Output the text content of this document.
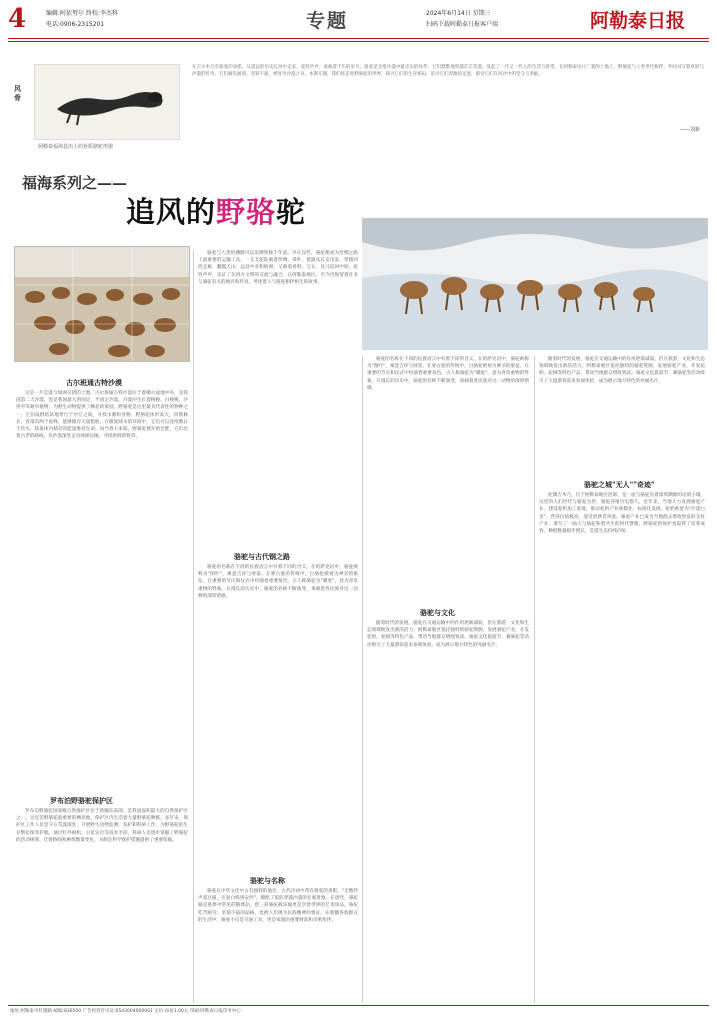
4	编辑:阿依努尔 终校:李杰科
电话:0906-2315201	专题	2024年6月14日 星期三
扫码下载阿勒泰日报客户端	阿勒泰日报
风骨
阿勒泰福海县出土的骨质骆驼形器
在吉尔木乃有骆驼的身影，从遥远的历史长河中走来，驼铃声声，承载着千年的岁月。骆驼是戈壁沙漠中最忠实的伙伴，它们默默地穿越茫茫荒漠，驮起了一代又一代人的生活与希望。在阿勒泰这片广袤的土地上，野骆驼与人类世代相伴，共同书写着草原与沙漠的传奇。它们耐饥耐渴、坚韧不拔，被誉为沙漠之舟。本期专题，我们将走进野骆驼的世界，探寻它们的生存密码，追寻它们奔跑的足迹，感受它们在风沙中的坚守与勇敢。
——刘新
福海系列之——
追风的野骆驼
古尔班通古特沙漠
这是一片荒漠与绿洲交错的土地。古尔班通古特沙漠位于准噶尔盆地中央，是我国第二大沙漠，也是我国最大的固定、半固定沙漠。沙漠中生长着梭梭、白梭梭、沙拐枣等耐旱植物，为野生动物提供了栖息的家园。野骆驼是这里最具代表性的物种之一，它们成群结队地穿行于沙丘之间，寻找水源和食物。野骆驼体形高大，四肢修长，背部有两个驼峰，能够储存大量脂肪。在极度缺水的环境中，它们可以连续数日不饮水，依靠体内储存的能量维持生命。每当春天来临，野骆驼便开始迁徙，它们沿着古老的路线，从沙漠深处走向绿洲边缘，寻找新鲜的牧草。
罗布泊野骆驼保护区
罗布泊野骆驼国家级自然保护区位于新疆东南部，是我国面积最大的自然保护区之一。这里是野骆驼最重要的栖息地，保护区内生活着大量野骆驼种群。多年来，保护区工作人员坚守在荒漠深处，开展野生动物监测、巡护和科研工作，为野骆驼的生存繁衍保驾护航。通过红外相机、卫星定位等技术手段，科研人员逐步掌握了野骆驼的活动规律、迁徙路线和种群数量变化，为制定科学保护措施提供了重要依据。
骆驼与人类的渊源可以追溯到数千年前。早在汉代，骆驼便成为丝绸之路上最重要的运输工具。一支支驼队载着丝绸、茶叶、瓷器从长安出发，穿越河西走廊，翻越天山，远赴中亚和欧洲；又载着香料、宝石、良马返回中原。驼铃声声，见证了东西方文明的交流与融合。在阿勒泰地区，至今仍保留着许多与骆驼有关的地名和传说，讲述着人与骆驼相伴相生的故事。
骆驼与古代钢之路
骆驼的名称在不同的民族语言中有着不同的含义。在哈萨克语中，骆驼被称为"图叶"，寓意吉祥与财富。在蒙古族的传统中，白骆驼被视为神圣的象征，在重要的节庆和仪式中扮演着重要角色。古人称骆驼为"橐驼"，意为背负重物的牲畜。在漫长的历史中，骆驼的名称不断演变，承载着各民族对这一动物的深厚情感。
骆驼与名称
骆驼在中华文化中占有独特的地位。古代诗词中常有骆驼的身影，"无数铃声遥过碛，应驮白练到安西"，描绘了驼队穿越沙漠的壮观景象。在唐代，骆驼俑是墓葬中常见的随葬品，唐三彩骆驼载乐俑更是享誉世界的艺术珍品。骆驼吃苦耐劳、坚韧不拔的品格，也被人们视为民族精神的象征。在新疆各族群众的生活中，骆驼不仅是交通工具，更是家庭的重要财富和亲密伙伴。
骆驼的名称在不同的民族语言中有着不同的含义。在哈萨克语中，骆驼被称为"图叶"，寓意吉祥与财富。在蒙古族的传统中，白骆驼被视为神圣的象征，在重要的节庆和仪式中扮演着重要角色。古人称骆驼为"橐驼"，意为背负重物的牲畜。在漫长的历史中，骆驼的名称不断演变，承载着各民族对这一动物的深厚情感。
骆驼与文化
随着时代的发展，骆驼在交通运输中的作用逐渐减弱，但在旅游、文化和生态领域焕发出新的活力。阿勒泰地区依托独特的骆驼资源，发展骆驼产业，开发驼奶、驼绒等特色产品，带动当地群众增收致富。骆驼文化旅游节、赛骆驼等活动吸引了大量游客前来参观体验，成为展示地方特色的亮丽名片。
随着时代的发展，骆驼在交通运输中的作用逐渐减弱，但在旅游、文化和生态领域焕发出新的活力。阿勒泰地区依托独特的骆驼资源，发展骆驼产业，开发驼奶、驼绒等特色产品，带动当地群众增收致富。骆驼文化旅游节、赛骆驼等活动吸引了大量游客前来参观体验，成为展示地方特色的亮丽名片。
骆驼之城"无人""奇迹"
驼城吉木乃，位于阿勒泰地区西部，是一座与骆驼有着深厚渊源的边境小城。这里的人们世代与骆驼为伴，骆驼养殖历史悠久。近年来，当地大力发展骆驼产业，建设驼奶加工基地，推动驼奶产业规模化、标准化发展。驼奶被誉为"沙漠白金"，营养价值极高，深受消费者喜爱。骆驼产业已成为当地群众增收致富的支柱产业，谱写了一曲人与骆驼和谐共生的时代赞歌。野骆驼的保护也取得了显著成效，种群数量稳步增长，荒漠生态持续向好。
地址:阿勒泰市红墩路 邮编:836500 广告经营许可证:6543004000001 定价:每份1.00元 印刷:阿勒泰日报印务中心
